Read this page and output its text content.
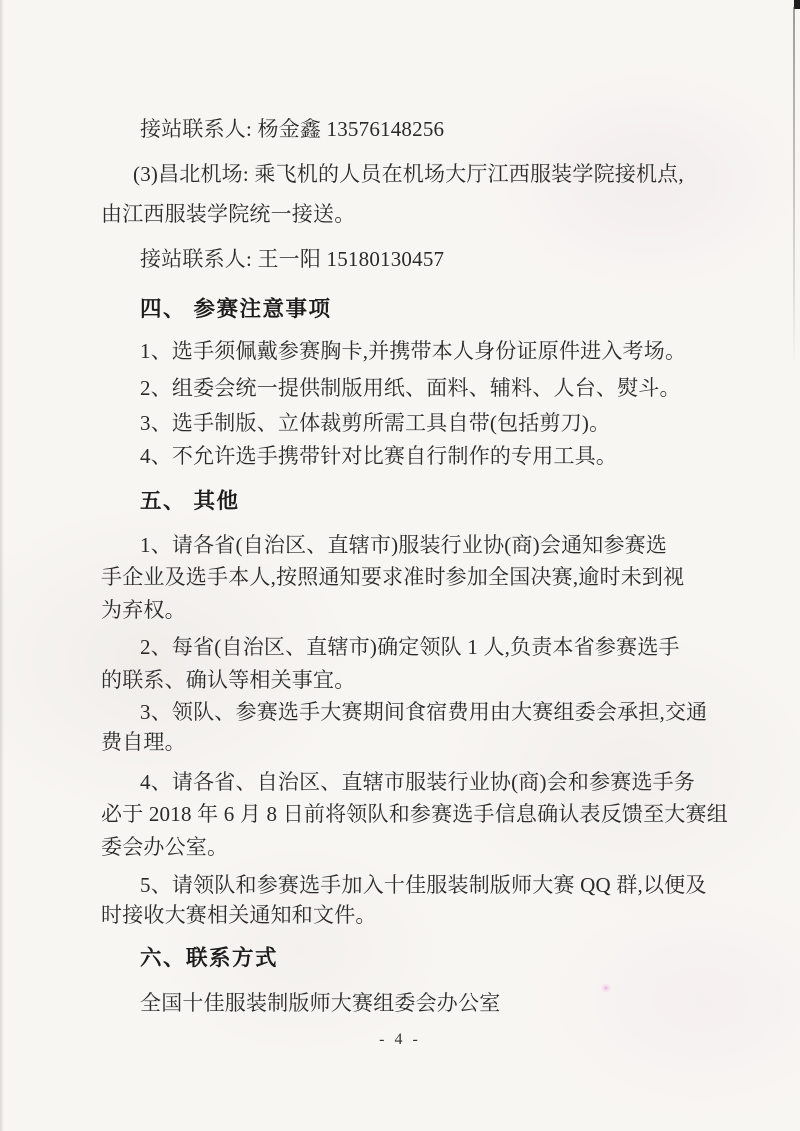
接站联系人: 杨金鑫 13576148256
(3)昌北机场: 乘飞机的人员在机场大厅江西服装学院接机点,
由江西服装学院统一接送。
接站联系人: 王一阳 15180130457
四、 参赛注意事项
1、选手须佩戴参赛胸卡,并携带本人身份证原件进入考场。
2、组委会统一提供制版用纸、面料、辅料、人台、熨斗。
3、选手制版、立体裁剪所需工具自带(包括剪刀)。
4、不允许选手携带针对比赛自行制作的专用工具。
五、 其他
1、请各省(自治区、直辖市)服装行业协(商)会通知参赛选
手企业及选手本人,按照通知要求准时参加全国决赛,逾时未到视
为弃权。
2、每省(自治区、直辖市)确定领队 1 人,负责本省参赛选手
的联系、确认等相关事宜。
3、领队、参赛选手大赛期间食宿费用由大赛组委会承担,交通
费自理。
4、请各省、自治区、直辖市服装行业协(商)会和参赛选手务
必于 2018 年 6 月 8 日前将领队和参赛选手信息确认表反馈至大赛组
委会办公室。
5、请领队和参赛选手加入十佳服装制版师大赛 QQ 群,以便及
时接收大赛相关通知和文件。
六、联系方式
全国十佳服装制版师大赛组委会办公室
- 4 -
